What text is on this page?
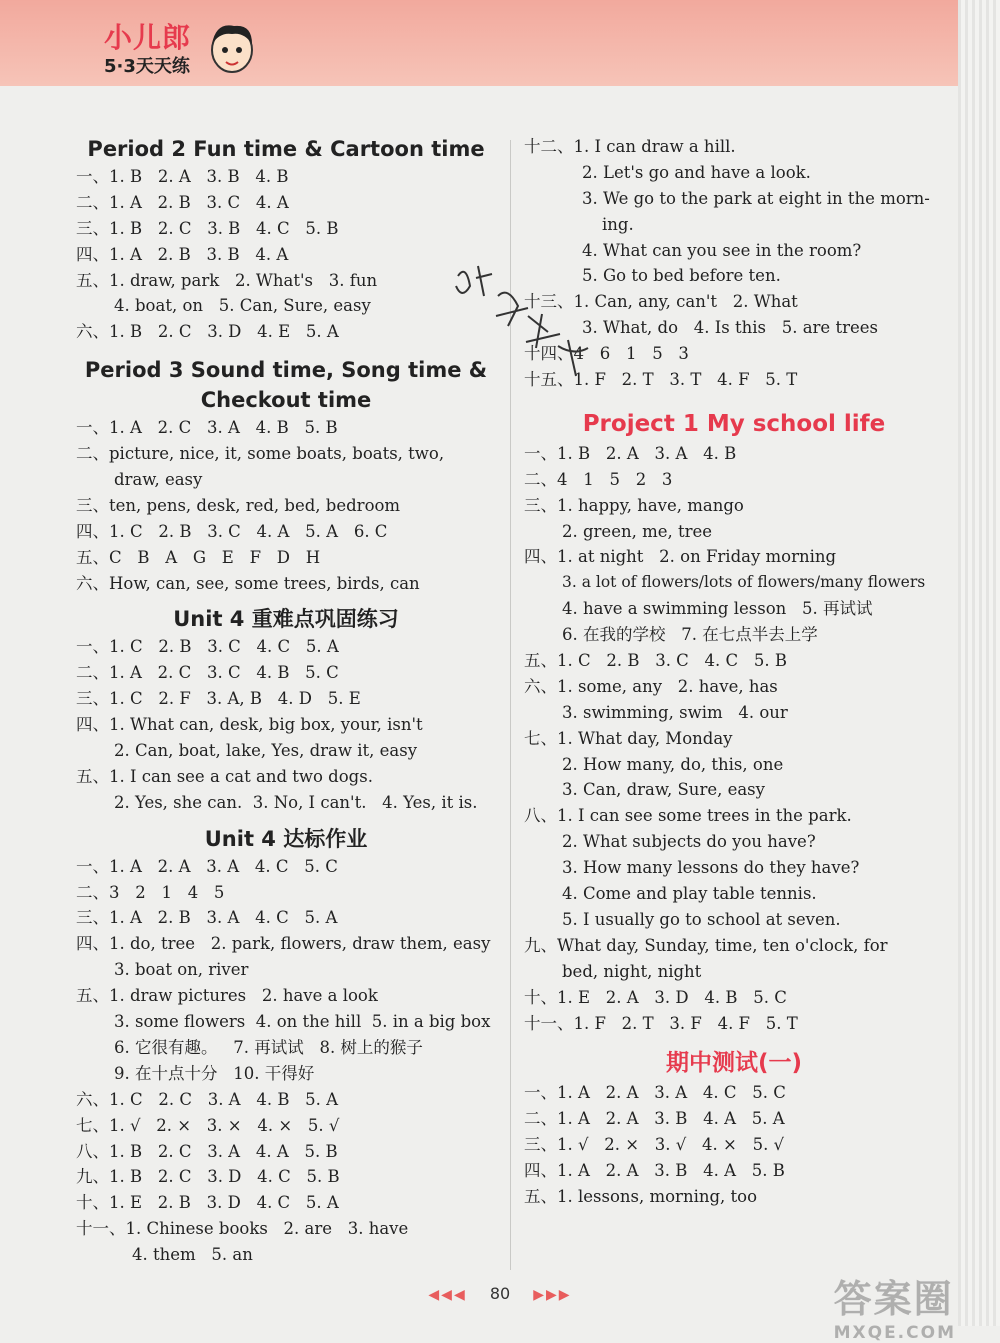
小儿郎
5·3天天练
Period 2 Fun time & Cartoon time
一、1. B   2. A   3. B   4. B
二、1. A   2. B   3. C   4. A
三、1. B   2. C   3. B   4. C   5. B
四、1. A   2. B   3. B   4. A
五、1. draw, park   2. What's   3. fun
4. boat, on   5. Can, Sure, easy
六、1. B   2. C   3. D   4. E   5. A
Period 3 Sound time, Song time &
Checkout time
一、1. A   2. C   3. A   4. B   5. B
二、picture, nice, it, some boats, boats, two,
draw, easy
三、ten, pens, desk, red, bed, bedroom
四、1. C   2. B   3. C   4. A   5. A   6. C
五、C   B   A   G   E   F   D   H
六、How, can, see, some trees, birds, can
Unit 4 重难点巩固练习
一、1. C   2. B   3. C   4. C   5. A
二、1. A   2. C   3. C   4. B   5. C
三、1. C   2. F   3. A, B   4. D   5. E
四、1. What can, desk, big box, your, isn't
2. Can, boat, lake, Yes, draw it, easy
五、1. I can see a cat and two dogs.
2. Yes, she can.  3. No, I can't.   4. Yes, it is.
Unit 4 达标作业
一、1. A   2. A   3. A   4. C   5. C
二、3   2   1   4   5
三、1. A   2. B   3. A   4. C   5. A
四、1. do, tree   2. park, flowers, draw them, easy
3. boat on, river
五、1. draw pictures   2. have a look
3. some flowers  4. on the hill  5. in a big box
6. 它很有趣。   7. 再试试   8. 树上的猴子
9. 在十点十分   10. 干得好
六、1. C   2. C   3. A   4. B   5. A
七、1. √   2. ×   3. ×   4. ×   5. √
八、1. B   2. C   3. A   4. A   5. B
九、1. B   2. C   3. D   4. C   5. B
十、1. E   2. B   3. D   4. C   5. A
十一、1. Chinese books   2. are   3. have
4. them   5. an
十二、1. I can draw a hill.
2. Let's go and have a look.
3. We go to the park at eight in the morn-
ing.
4. What can you see in the room?
5. Go to bed before ten.
十三、1. Can, any, can't   2. What
3. What, do   4. Is this   5. are trees
十四、4   6   1   5   3
十五、1. F   2. T   3. T   4. F   5. T
Project 1 My school life
一、1. B   2. A   3. A   4. B
二、4   1   5   2   3
三、1. happy, have, mango
2. green, me, tree
四、1. at night   2. on Friday morning
3. a lot of flowers/lots of flowers/many flowers
4. have a swimming lesson   5. 再试试
6. 在我的学校   7. 在七点半去上学
五、1. C   2. B   3. C   4. C   5. B
六、1. some, any   2. have, has
3. swimming, swim   4. our
七、1. What day, Monday
2. How many, do, this, one
3. Can, draw, Sure, easy
八、1. I can see some trees in the park.
2. What subjects do you have?
3. How many lessons do they have?
4. Come and play table tennis.
5. I usually go to school at seven.
九、What day, Sunday, time, ten o'clock, for
bed, night, night
十、1. E   2. A   3. D   4. B   5. C
十一、1. F   2. T   3. F   4. F   5. T
期中测试(一)
一、1. A   2. A   3. A   4. C   5. C
二、1. A   2. A   3. B   4. A   5. A
三、1. √   2. ×   3. √   4. ×   5. √
四、1. A   2. A   3. B   4. A   5. B
五、1. lessons, morning, too
◀◀◀ 80 ▶▶▶	答案圈
MXQE.COM
